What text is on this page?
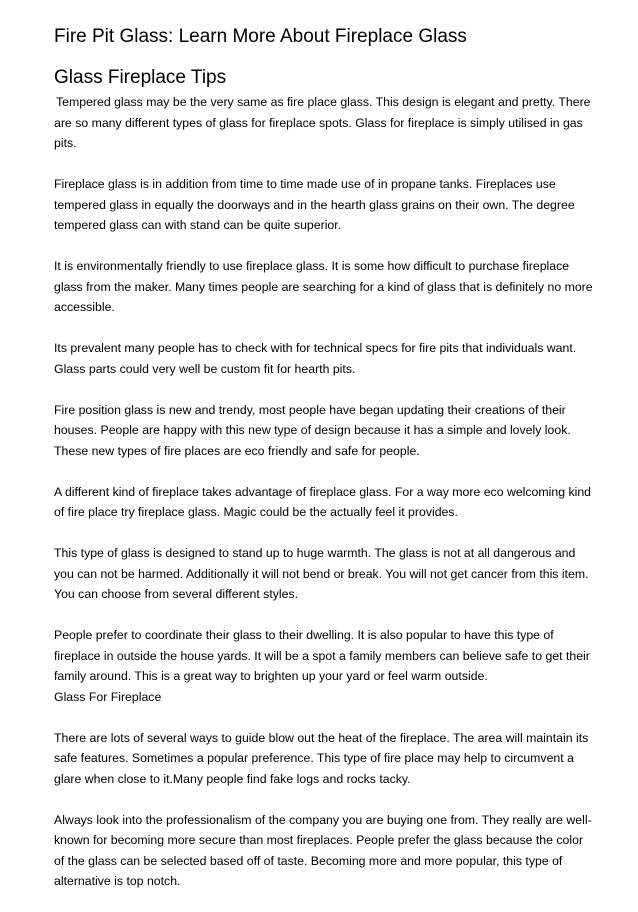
Fire Pit Glass: Learn More About Fireplace Glass
Glass Fireplace Tips

Tempered glass may be the very same as fire place glass. This design is elegant and pretty. There are so many different types of glass for fireplace spots. Glass for fireplace is simply utilised in gas pits.

Fireplace glass is in addition from time to time made use of in propane tanks. Fireplaces use tempered glass in equally the doorways and in the hearth glass grains on their own. The degree tempered glass can with stand can be quite superior.

It is environmentally friendly to use fireplace glass. It is some how difficult to purchase fireplace glass from the maker. Many times people are searching for a kind of glass that is definitely no more accessible.

Its prevalent many people has to check with for technical specs for fire pits that individuals want. Glass parts could very well be custom fit for hearth pits.

Fire position glass is new and trendy, most people have began updating their creations of their houses. People are happy with this new type of design because it has a simple and lovely look. These new types of fire places are eco friendly and safe for people.

A different kind of fireplace takes advantage of fireplace glass. For a way more eco welcoming kind of fire place try fireplace glass. Magic could be the actually feel it provides.

This type of glass is designed to stand up to huge warmth. The glass is not at all dangerous and you can not be harmed. Additionally it will not bend or break. You will not get cancer from this item. You can choose from several different styles.

People prefer to coordinate their glass to their dwelling. It is also popular to have this type of fireplace in outside the house yards. It will be a spot a family members can believe safe to get their family around. This is a great way to brighten up your yard or feel warm outside.

Glass For Fireplace

There are lots of several ways to guide blow out the heat of the fireplace. The area will maintain its safe features. Sometimes a popular preference. This type of fire place may help to circumvent a glare when close to it.Many people find fake logs and rocks tacky.

Always look into the professionalism of the company you are buying one from. They really are well-known for becoming more secure than most fireplaces. People prefer the glass because the color of the glass can be selected based off of taste. Becoming more and more popular, this type of alternative is top notch.
